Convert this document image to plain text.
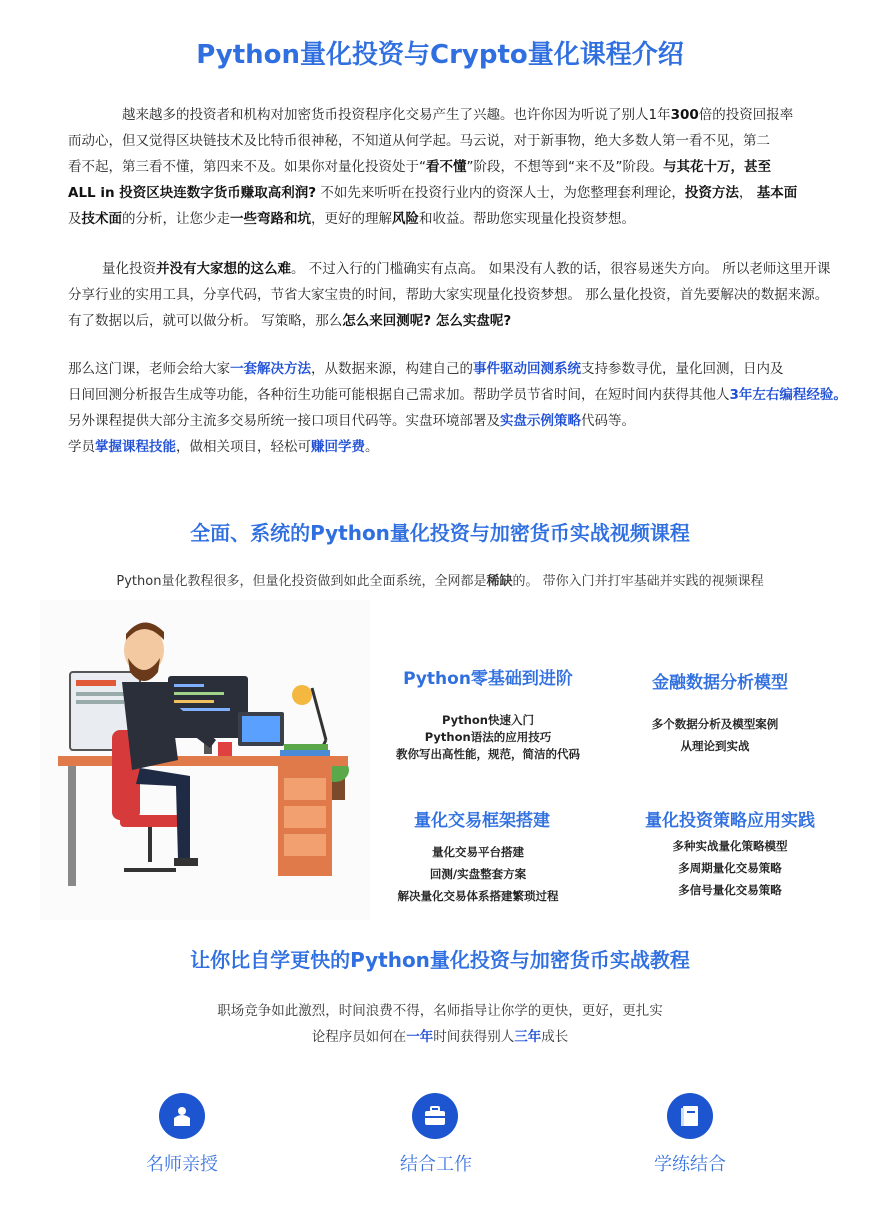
Python量化投资与Crypto量化课程介绍
越来越多的投资者和机构对加密货币投资程序化交易产生了兴趣。也许你因为听说了别人1年300倍的投资回报率
而动心，但又觉得区块链技术及比特币很神秘，不知道从何学起。马云说，对于新事物，绝大多数人第一看不见，第二
看不起，第三看不懂，第四来不及。如果你对量化投资处于“看不懂”阶段，不想等到“来不及”阶段。与其花十万，甚至
ALL in 投资区块连数字货币赚取高利润? 不如先来听听在投资行业内的资深人士，为您整理套利理论，投资方法， 基本面
及技术面的分析，让您少走一些弯路和坑，更好的理解风险和收益。帮助您实现量化投资梦想。
量化投资并没有大家想的这么难。 不过入行的门槛确实有点高。 如果没有人教的话，很容易迷失方向。 所以老师这里开课
分享行业的实用工具，分享代码，节省大家宝贵的时间，帮助大家实现量化投资梦想。 那么量化投资，首先要解决的数据来源。
有了数据以后，就可以做分析。 写策略，那么怎么来回测呢? 怎么实盘呢?
那么这门课，老师会给大家一套解决方法，从数据来源，构建自己的事件驱动回测系统支持参数寻优，量化回测，日内及
日间回测分析报告生成等功能，各种衍生功能可能根据自己需求加。帮助学员节省时间，在短时间内获得其他人3年左右编程经验。
另外课程提供大部分主流多交易所统一接口项目代码等。实盘环境部署及实盘示例策略代码等。
学员掌握课程技能，做相关项目，轻松可赚回学费。
全面、系统的Python量化投资与加密货币实战视频课程
Python量化教程很多，但量化投资做到如此全面系统，全网都是稀缺的。 带你入门并打牢基础并实践的视频课程
Python零基础到进阶
Python快速入门
Python语法的应用技巧
教你写出高性能，规范，简洁的代码
金融数据分析模型
多个数据分析及模型案例
从理论到实战
量化交易框架搭建
量化交易平台搭建
回测/实盘整套方案
解决量化交易体系搭建繁琐过程
量化投资策略应用实践
多种实战量化策略模型
多周期量化交易策略
多信号量化交易策略
让你比自学更快的Python量化投资与加密货币实战教程
职场竞争如此激烈，时间浪费不得，名师指导让你学的更快，更好，更扎实
论程序员如何在一年时间获得别人三年成长
名师亲授	结合工作	学练结合
